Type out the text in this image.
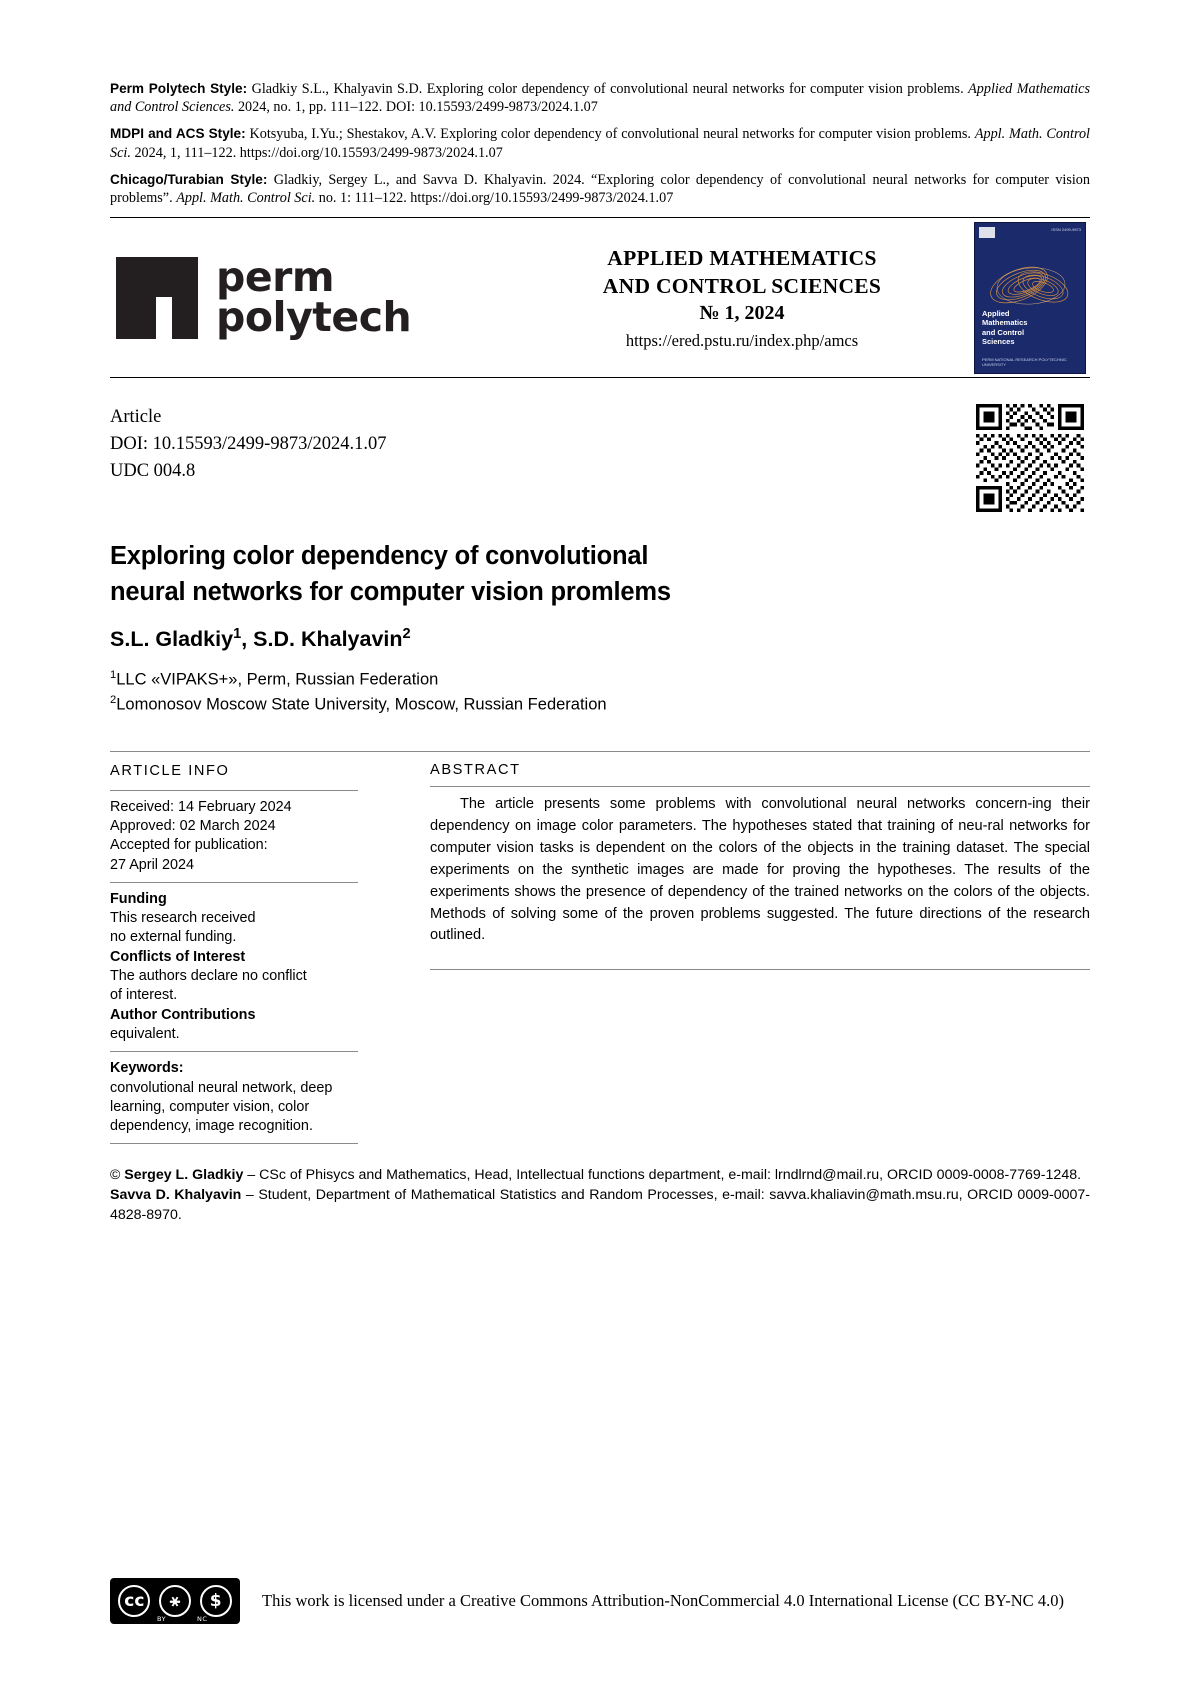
Perm Polytech Style: Gladkiy S.L., Khalyavin S.D. Exploring color dependency of convolutional neural networks for computer vision problems. Applied Mathematics and Control Sciences. 2024, no. 1, pp. 111–122. DOI: 10.15593/2499-9873/2024.1.07

MDPI and ACS Style: Kotsyuba, I.Yu.; Shestakov, A.V. Exploring color dependency of convolutional neural networks for computer vision problems. Appl. Math. Control Sci. 2024, 1, 111–122. https://doi.org/10.15593/2499-9873/2024.1.07

Chicago/Turabian Style: Gladkiy, Sergey L., and Savva D. Khalyavin. 2024. “Exploring color dependency of convolutional neural networks for computer vision problems”. Appl. Math. Control Sci. no. 1: 111–122. https://doi.org/10.15593/2499-9873/2024.1.07

perm
polytech
APPLIED MATHEMATICS
AND CONTROL SCIENCES
№ 1, 2024
https://ered.pstu.ru/index.php/amcs
ISSN 2499-9873
Applied
Mathematics
and Control
Sciences
PERM NATIONAL RESEARCH POLYTECHNIC UNIVERSITY
Article
DOI: 10.15593/2499-9873/2024.1.07
UDC 004.8
Exploring color dependency of convolutional
neural networks for computer vision promlems
S.L. Gladkiy$^1$, S.D. Khalyavin$^2$
$^1$LLC «VIPAKS+», Perm, Russian Federation
$^2$Lomonosov Moscow State University, Moscow, Russian Federation
ARTICLE INFO
Received: 14 February 2024
Approved: 02 March 2024
Accepted for publication:
27 April 2024
Funding
This research received
no external funding.
Conflicts of Interest
The authors declare no conflict
of interest.
Author Contributions
equivalent.
Keywords:
convolutional neural network, deep learning, computer vision, color dependency, image recognition.
ABSTRACT
The article presents some problems with convolutional neural networks concern-ing their dependency on image color parameters. The hypotheses stated that training of neu-ral networks for computer vision tasks is dependent on the colors of the objects in the training dataset. The special experiments on the synthetic images are made for proving the hypotheses. The results of the experiments shows the presence of dependency of the trained networks on the colors of the objects. Methods of solving some of the proven problems suggested. The future directions of the research outlined.
© Sergey L. Gladkiy – CSc of Phisycs and Mathematics, Head, Intellectual functions department, e-mail: lrndlrnd@mail.ru, ORCID 0009-0008-7769-1248.
Savva D. Khalyavin – Student, Department of Mathematical Statistics and Random Processes, e-mail: savva.khaliavin@math.msu.ru, ORCID 0009-0007-4828-8970.
cc	⚹	$
BY	NC
This work is licensed under a Creative Commons Attribution-NonCommercial 4.0 International License (CC BY-NC 4.0)
